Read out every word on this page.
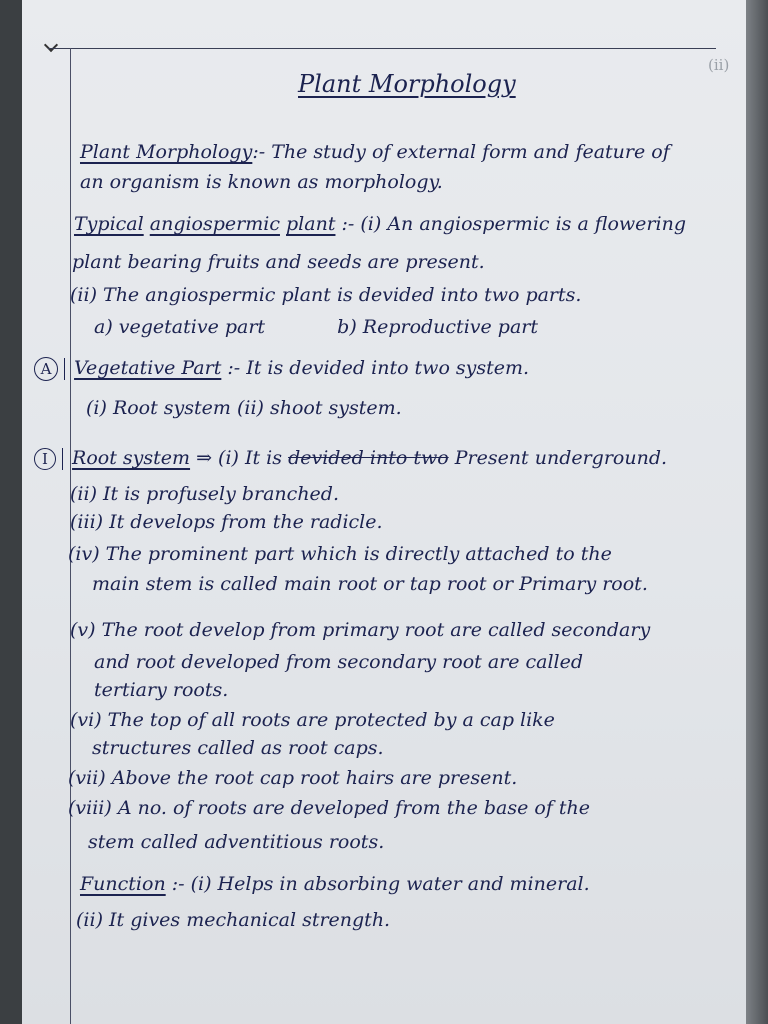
(ii)
Plant Morphology
Plant Morphology:- The study of external form and feature of
an organism is known as morphology.
Typical angiospermic plant :- (i) An angiospermic is a flowering
plant bearing fruits and seeds are present.
(ii) The angiospermic plant is devided into two parts.
a) vegetative part	b) Reproductive part
A Vegetative Part :- It is devided into two system.
(i) Root system (ii) shoot system.
I Root system ⇒ (i) It is devided into two Present underground.
(ii) It is profusely branched.
(iii) It develops from the radicle.
(iv) The prominent part which is directly attached to the
main stem is called main root or tap root or Primary root.
(v) The root develop from primary root are called secondary
and root developed from secondary root are called
tertiary roots.
(vi) The top of all roots are protected by a cap like
structures called as root caps.
(vii) Above the root cap root hairs are present.
(viii) A no. of roots are developed from the base of the
stem called adventitious roots.
Function :- (i) Helps in absorbing water and mineral.
(ii) It gives mechanical strength.
